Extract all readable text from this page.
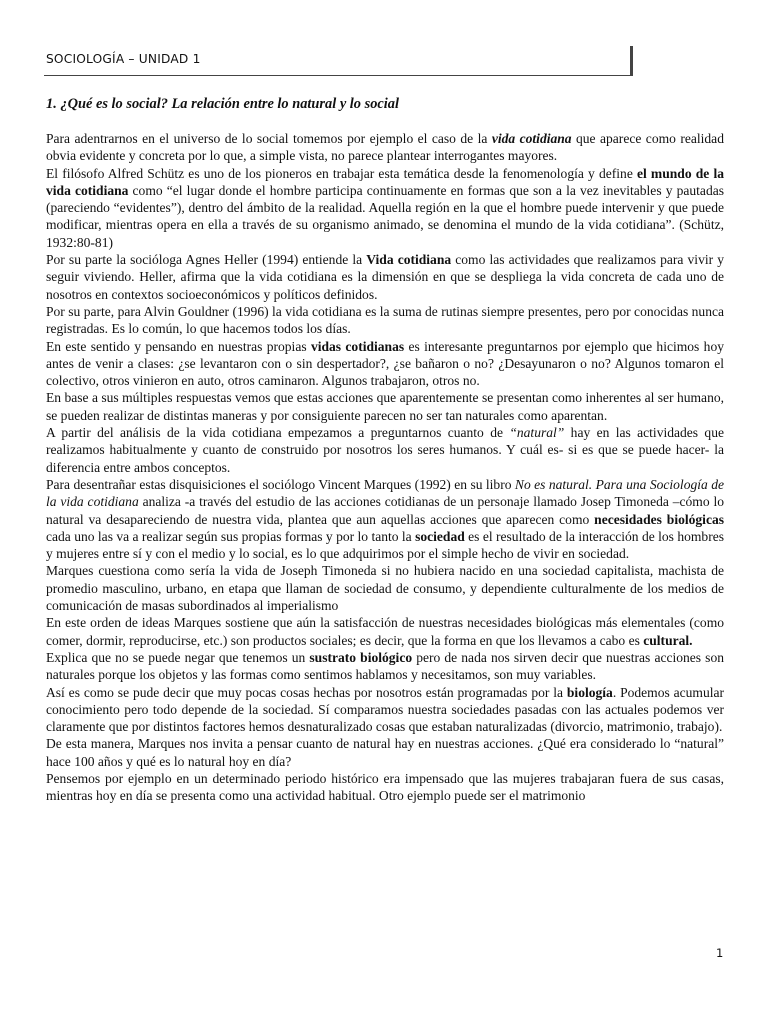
SOCIOLOGÍA – UNIDAD 1
1. ¿Qué es lo social? La relación entre lo natural y lo social

Para adentrarnos en el universo de lo social tomemos por ejemplo el caso de la vida cotidiana que aparece como realidad obvia evidente y concreta por lo que, a simple vista, no parece plantear interrogantes mayores.

El filósofo Alfred Schütz es uno de los pioneros en trabajar esta temática desde la fenomenología y define el mundo de la vida cotidiana como “el lugar donde el hombre participa continuamente en formas que son a la vez inevitables y pautadas (pareciendo “evidentes”), dentro del ámbito de la realidad. Aquella región en la que el hombre puede intervenir y que puede modificar, mientras opera en ella a través de su organismo animado, se denomina el mundo de la vida cotidiana”. (Schütz, 1932:80-81)

Por su parte la socióloga Agnes Heller (1994) entiende la Vida cotidiana como las actividades que realizamos para vivir y seguir viviendo. Heller, afirma que la vida cotidiana es la dimensión en que se despliega la vida concreta de cada uno de nosotros en contextos socioeconómicos y políticos definidos.

Por su parte, para Alvin Gouldner (1996) la vida cotidiana es la suma de rutinas siempre presentes, pero por conocidas nunca registradas. Es lo común, lo que hacemos todos los días.

En este sentido y pensando en nuestras propias vidas cotidianas es interesante preguntarnos por ejemplo que hicimos hoy antes de venir a clases: ¿se levantaron con o sin despertador?, ¿se bañaron o no? ¿Desayunaron o no? Algunos tomaron el colectivo, otros vinieron en auto, otros caminaron. Algunos trabajaron, otros no.

En base a sus múltiples respuestas vemos que estas acciones que aparentemente se presentan como inherentes al ser humano, se pueden realizar de distintas maneras y por consiguiente parecen no ser tan naturales como aparentan.

A partir del análisis de la vida cotidiana empezamos a preguntarnos cuanto de “natural” hay en las actividades que realizamos habitualmente y cuanto de construido por nosotros los seres humanos. Y cuál es- si es que se puede hacer- la diferencia entre ambos conceptos.

Para desentrañar estas disquisiciones el sociólogo Vincent Marques (1992) en su libro No es natural. Para una Sociología de la vida cotidiana analiza -a través del estudio de las acciones cotidianas de un personaje llamado Josep Timoneda –cómo lo natural va desapareciendo de nuestra vida, plantea que aun aquellas acciones que aparecen como necesidades biológicas cada uno las va a realizar según sus propias formas y por lo tanto la sociedad es el resultado de la interacción de los hombres y mujeres entre sí y con el medio y lo social, es lo que adquirimos por el simple hecho de vivir en sociedad.

Marques cuestiona como sería la vida de Joseph Timoneda si no hubiera nacido en una sociedad capitalista, machista de promedio masculino, urbano, en etapa que llaman de sociedad de consumo, y dependiente culturalmente de los medios de comunicación de masas subordinados al imperialismo

En este orden de ideas Marques sostiene que aún la satisfacción de nuestras necesidades biológicas más elementales (como comer, dormir, reproducirse, etc.) son productos sociales; es decir, que la forma en que los llevamos a cabo es cultural.

Explica que no se puede negar que tenemos un sustrato biológico pero de nada nos sirven decir que nuestras acciones son naturales porque los objetos y las formas como sentimos hablamos y necesitamos, son muy variables.

Así es como se pude decir que muy pocas cosas hechas por nosotros están programadas por la biología. Podemos acumular conocimiento pero todo depende de la sociedad. Sí comparamos nuestra sociedades pasadas con las actuales podemos ver claramente que por distintos factores hemos desnaturalizado cosas que estaban naturalizadas (divorcio, matrimonio, trabajo).

De esta manera, Marques nos invita a pensar cuanto de natural hay en nuestras acciones. ¿Qué era considerado lo “natural” hace 100 años y qué es lo natural hoy en día?

Pensemos por ejemplo en un determinado periodo histórico era impensado que las mujeres trabajaran fuera de sus casas, mientras hoy en día se presenta como una actividad habitual. Otro ejemplo puede ser el matrimonio

1
